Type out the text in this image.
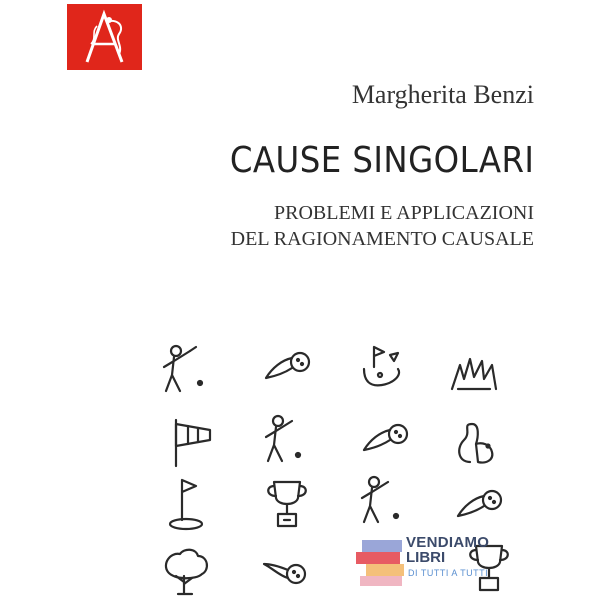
Margherita Benzi
CAUSE SINGOLARI
PROBLEMI E APPLICAZIONI
DEL RAGIONAMENTO CAUSALE
VENDIAMO
LIBRI
DI TUTTI A TUTTI
